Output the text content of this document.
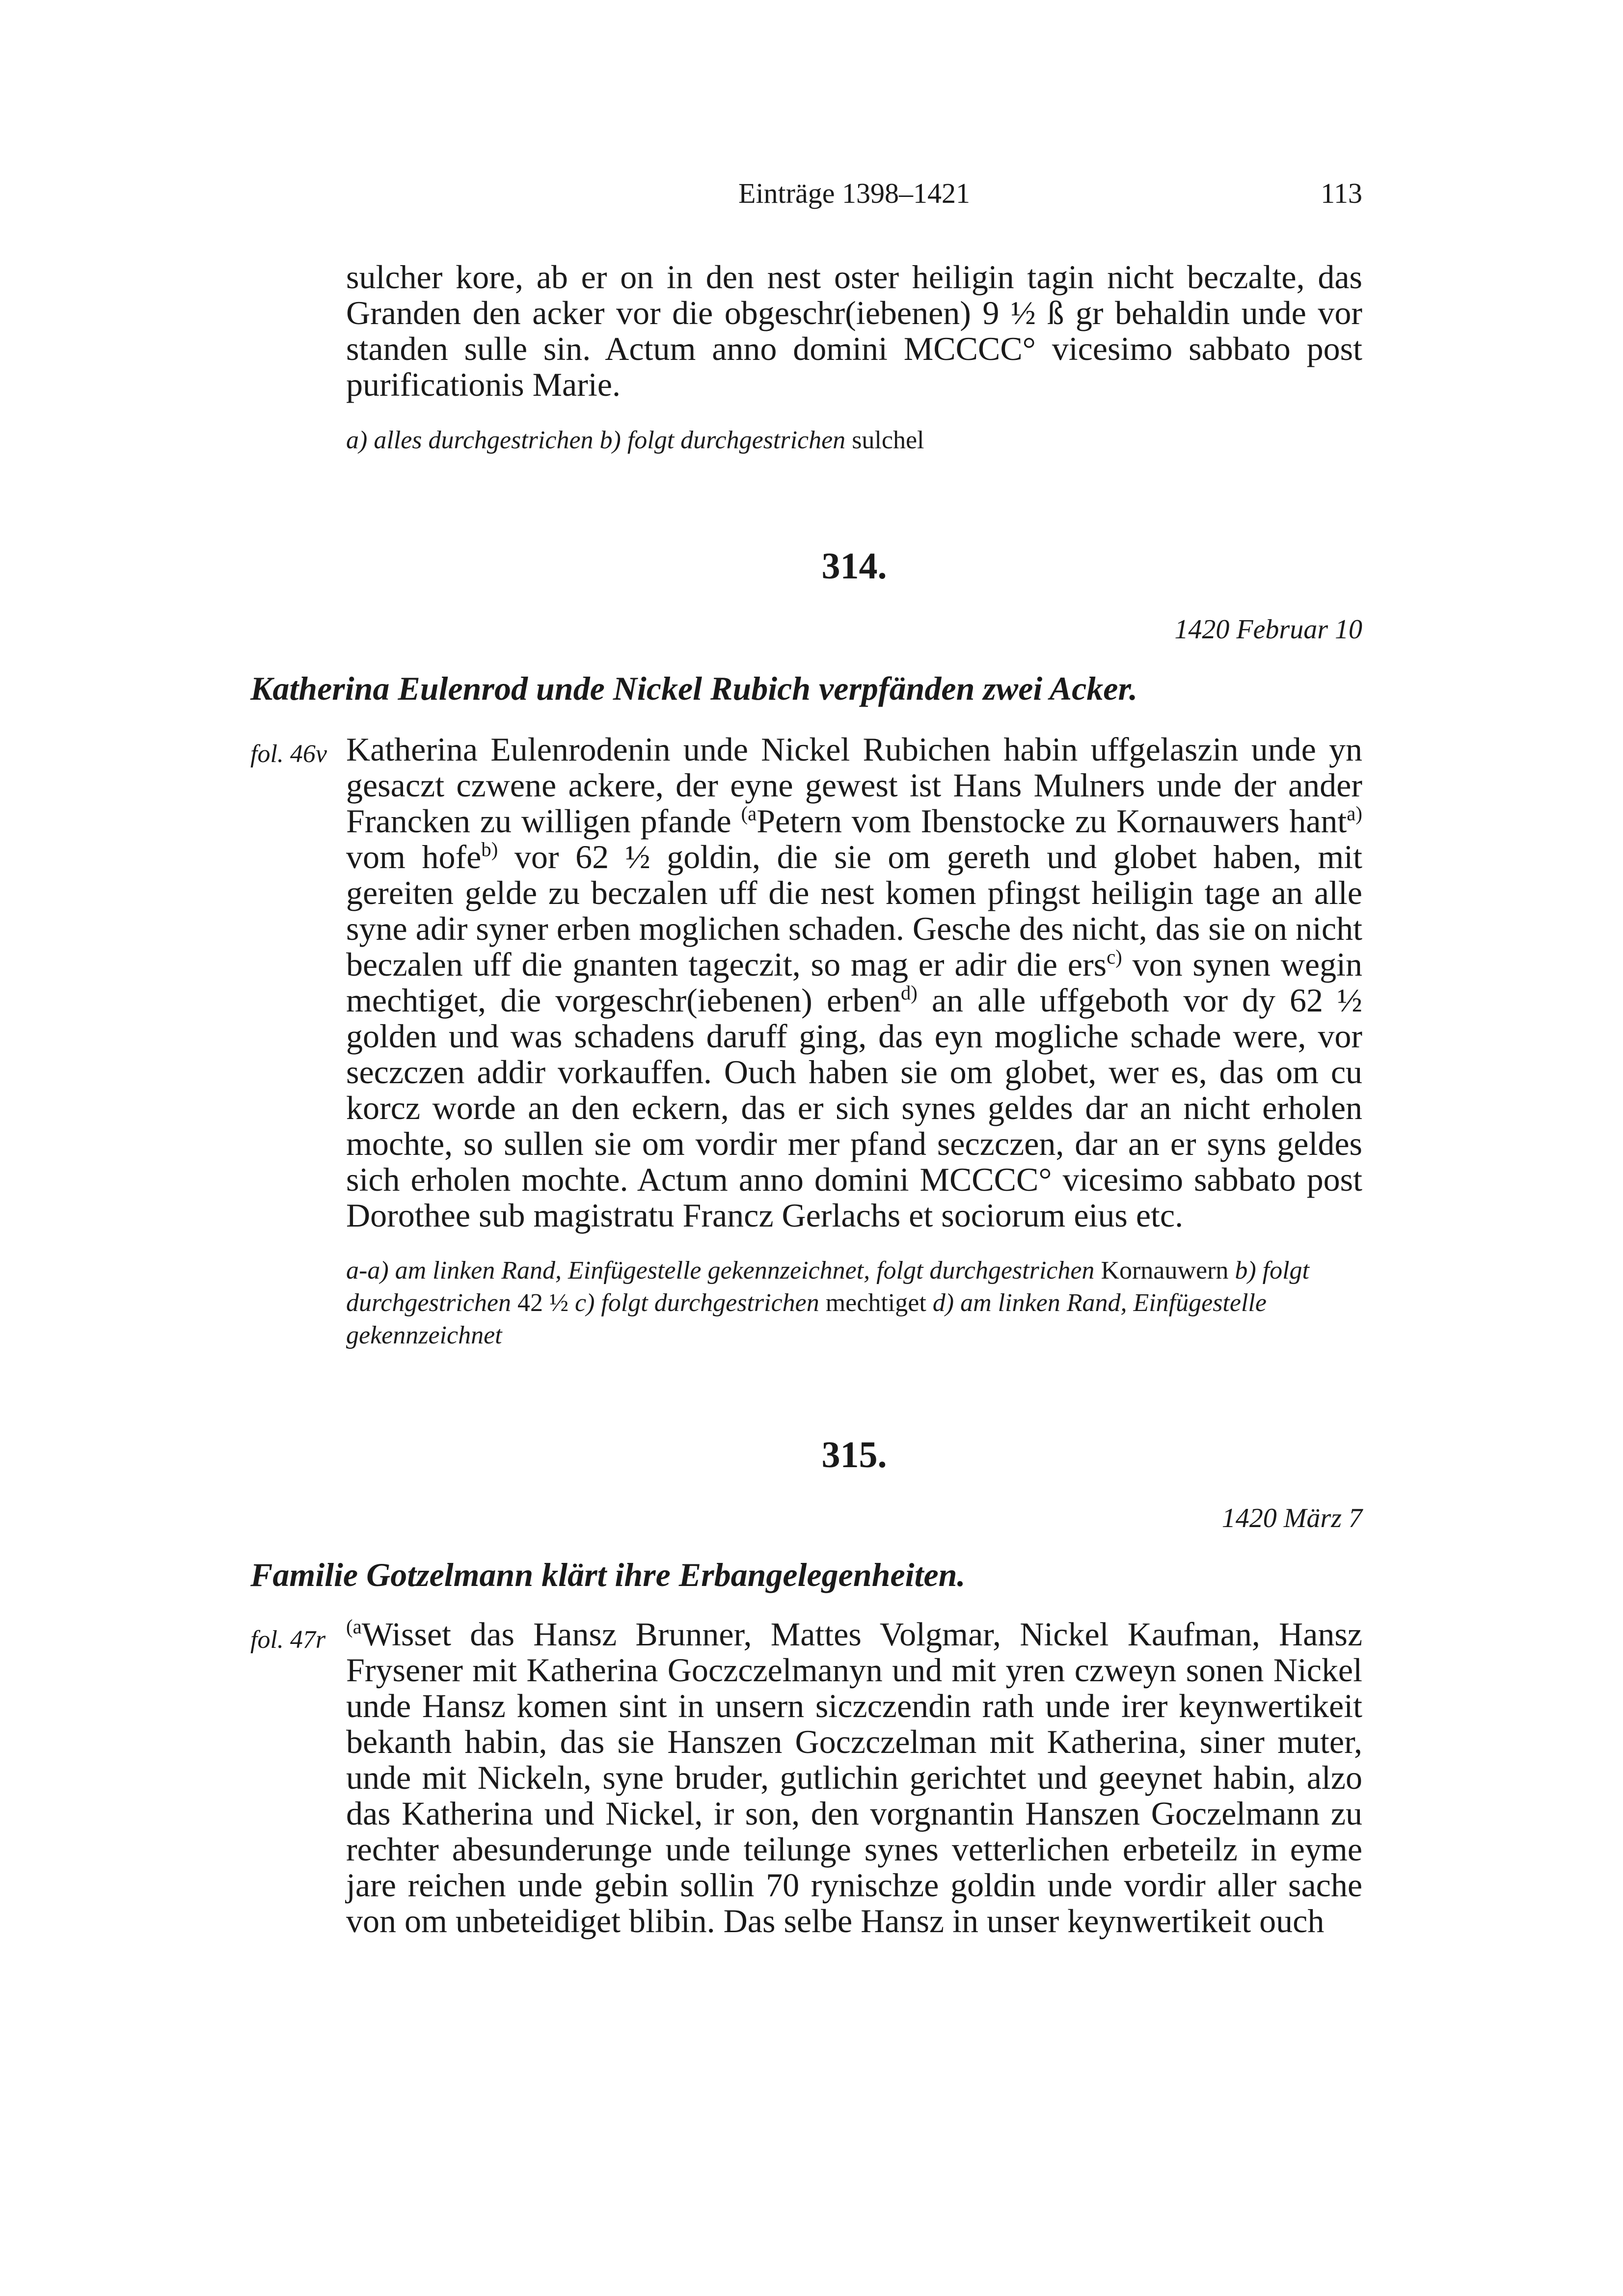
Einträge 1398–1421	113
sulcher kore, ab er on in den nest oster heiligin tagin nicht beczalte, das Granden den acker vor die obgeschr(iebenen) 9 ½ ß gr behaldin unde vor standen sulle sin. Actum anno domini MCCCC° vicesimo sabbato post purificationis Marie.
a) alles durchgestrichen b) folgt durchgestrichen sulchel
314.
1420 Februar 10
Katherina Eulenrod unde Nickel Rubich verpfänden zwei Acker.
fol. 46v Katherina Eulenrodenin unde Nickel Rubichen habin uffgelaszin unde yn gesaczt czwene ackere, der eyne gewest ist Hans Mulners unde der ander Francken zu willigen pfande $^{(a}$Petern vom Ibenstocke zu Kornauwers hant$^{a)}$ vom hofe$^{b)}$ vor 62 ½ goldin, die sie om gereth und globet haben, mit gereiten gelde zu beczalen uff die nest komen pfingst heiligin tage an alle syne adir syner erben moglichen schaden. Gesche des nicht, das sie on nicht beczalen uff die gnanten tageczit, so mag er adir die ers$^{c)}$ von synen wegin mechtiget, die vorgeschr(iebenen) erben$^{d)}$ an alle uffgeboth vor dy 62 ½ golden und was schadens daruff ging, das eyn mogliche schade were, vor seczczen addir vorkauffen. Ouch haben sie om globet, wer es, das om cu korcz worde an den eckern, das er sich synes geldes dar an nicht erholen mochte, so sullen sie om vordir mer pfand seczczen, dar an er syns geldes sich erholen mochte. Actum anno domini MCCCC° vicesimo sabbato post Dorothee sub magistratu Francz Gerlachs et sociorum eius etc.
a-a) am linken Rand, Einfügestelle gekennzeichnet, folgt durchgestrichen Kornauwern b) folgt durchgestrichen 42 ½ c) folgt durchgestrichen mechtiget d) am linken Rand, Einfügestelle gekennzeichnet
315.
1420 März 7
Familie Gotzelmann klärt ihre Erbangelegenheiten.
fol. 47r $^{(a}$Wisset das Hansz Brunner, Mattes Volgmar, Nickel Kaufman, Hansz Frysener mit Katherina Goczczelmanyn und mit yren czweyn sonen Nickel unde Hansz komen sint in unsern siczczendin rath unde irer keynwertikeit bekanth habin, das sie Hanszen Goczczelman mit Katherina, siner muter, unde mit Nickeln, syne bruder, gutlichin gerichtet und geeynet habin, alzo das Katherina und Nickel, ir son, den vorgnantin Hanszen Goczelmann zu rechter abesunderunge unde teilunge synes vetterlichen erbeteilz in eyme jare reichen unde gebin sollin 70 rynischze goldin unde vordir aller sache von om unbeteidiget blibin. Das selbe Hansz in unser keynwertikeit ouch
